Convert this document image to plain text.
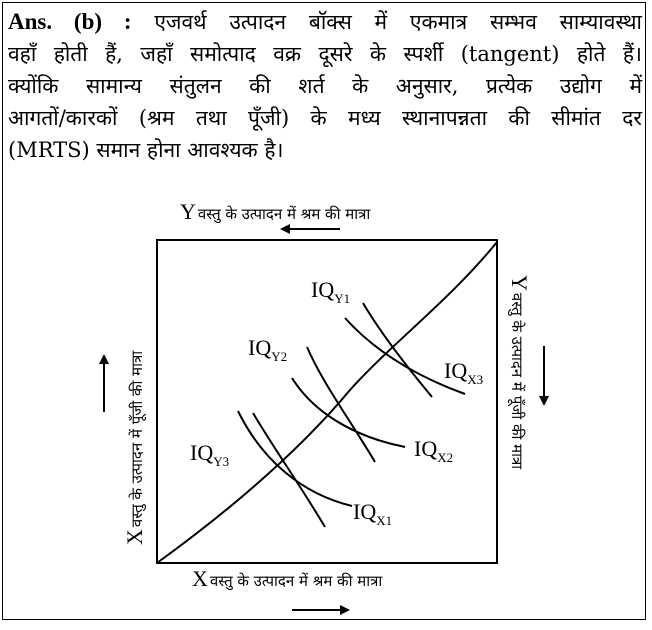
Ans. (b) : एजवर्थ उत्पादन बॉक्स में एकमात्र सम्भव साम्यावस्था

वहाँ होती हैं, जहाँ समोत्पाद वक्र दूसरे के स्पर्शी (tangent) होते हैं।

क्योंकि सामान्य संतुलन की शर्त के अनुसार, प्रत्येक उद्योग में

आगतों/कारकों (श्रम तथा पूँजी) के मध्य स्थानापन्नता की सीमांत दर

(MRTS) समान होना आवश्यक है।

Y वस्तु के उत्पादन में श्रम की मात्रा
$IQ_{Y1}$
$IQ_{Y2}$
$IQ_{Y3}$
$IQ_{X1}$
$IQ_{X2}$
$IQ_{X3}$
Xवस्तु के उत्पादन में पूँजी की मात्रा
Yवस्तु के उत्पादन में पूँजी की मात्रा
X वस्तु के उत्पादन में श्रम की मात्रा
